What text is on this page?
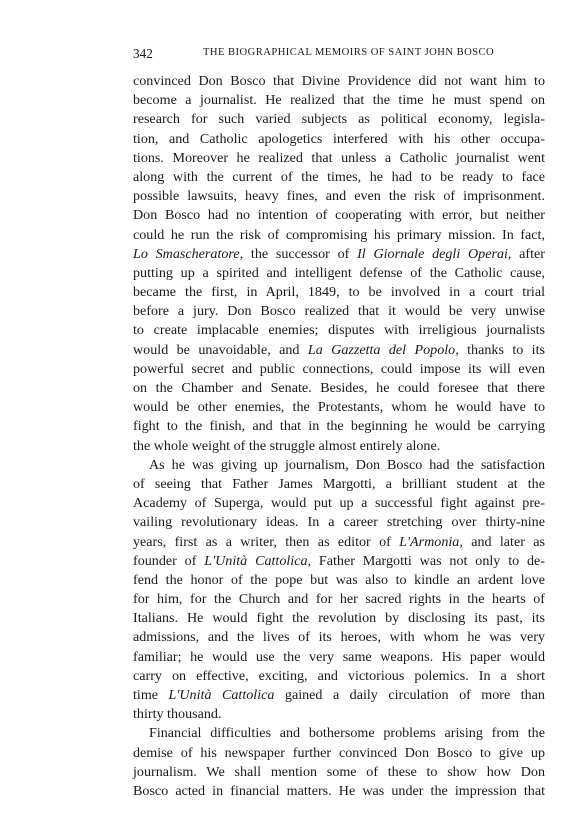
342	THE BIOGRAPHICAL MEMOIRS OF SAINT JOHN BOSCO
convinced Don Bosco that Divine Providence did not want him to
become a journalist. He realized that the time he must spend on
research for such varied subjects as political economy, legisla-
tion, and Catholic apologetics interfered with his other occupa-
tions. Moreover he realized that unless a Catholic journalist went
along with the current of the times, he had to be ready to face
possible lawsuits, heavy fines, and even the risk of imprisonment.
Don Bosco had no intention of cooperating with error, but neither
could he run the risk of compromising his primary mission. In fact,
Lo Smascheratore, the successor of Il Giornale degli Operai, after
putting up a spirited and intelligent defense of the Catholic cause,
became the first, in April, 1849, to be involved in a court trial
before a jury. Don Bosco realized that it would be very unwise
to create implacable enemies; disputes with irreligious journalists
would be unavoidable, and La Gazzetta del Popolo, thanks to its
powerful secret and public connections, could impose its will even
on the Chamber and Senate. Besides, he could foresee that there
would be other enemies, the Protestants, whom he would have to
fight to the finish, and that in the beginning he would be carrying
the whole weight of the struggle almost entirely alone.
As he was giving up journalism, Don Bosco had the satisfaction
of seeing that Father James Margotti, a brilliant student at the
Academy of Superga, would put up a successful fight against pre-
vailing revolutionary ideas. In a career stretching over thirty-nine
years, first as a writer, then as editor of L'Armonia, and later as
founder of L'Unità Cattolica, Father Margotti was not only to de-
fend the honor of the pope but was also to kindle an ardent love
for him, for the Church and for her sacred rights in the hearts of
Italians. He would fight the revolution by disclosing its past, its
admissions, and the lives of its heroes, with whom he was very
familiar; he would use the very same weapons. His paper would
carry on effective, exciting, and victorious polemics. In a short
time L'Unità Cattolica gained a daily circulation of more than
thirty thousand.
Financial difficulties and bothersome problems arising from the
demise of his newspaper further convinced Don Bosco to give up
journalism. We shall mention some of these to show how Don
Bosco acted in financial matters. He was under the impression that
